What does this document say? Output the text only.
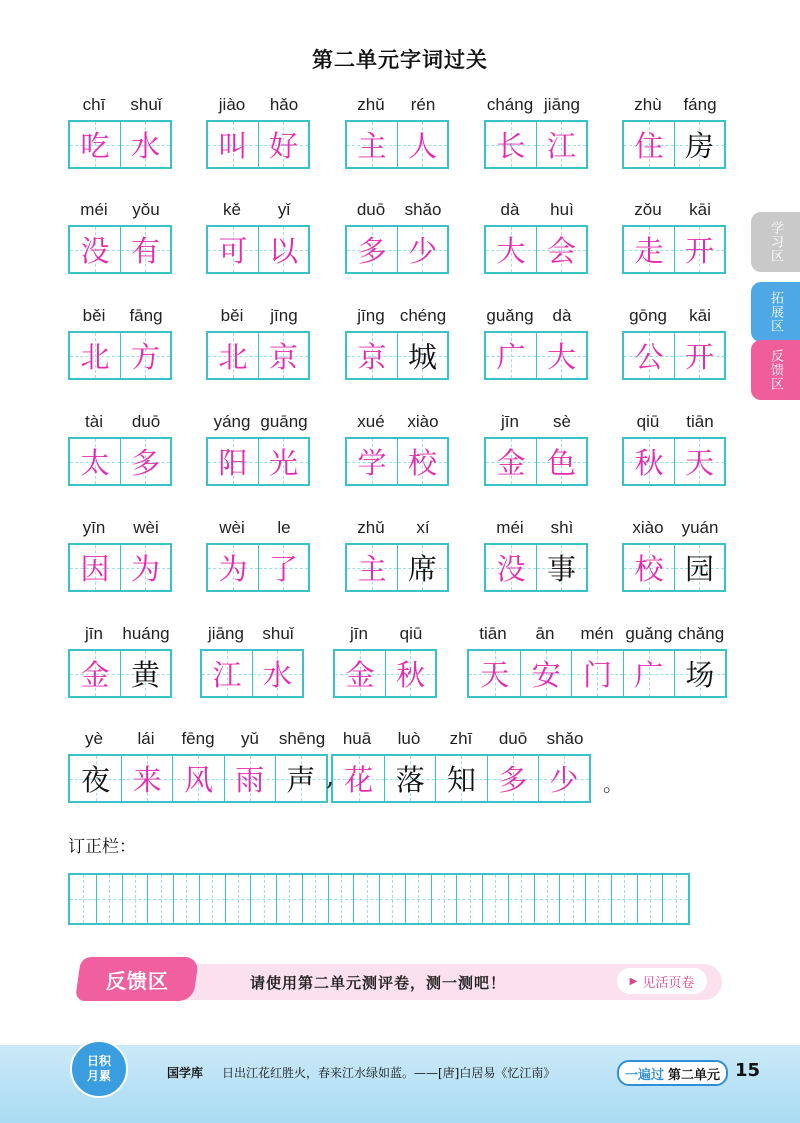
第二单元字词过关
chī	shuǐ
吃 水
jiào	hǎo
叫 好
zhǔ	rén
主 人
cháng jiāng
长 江
zhù	fáng
住 房
méi	yǒu
没 有
kě	yǐ
可 以
duō	shǎo
多 少
dà	huì
大 会
zǒu	kāi
走 开
běi	fāng
北 方
běi	jīng
北 京
jīng chéng
京 城
guǎng	dà
广 大
gōng	kāi
公 开
tài	duō
太 多
yáng guāng
阳 光
xué	xiào
学 校
jīn	sè
金 色
qiū	tiān
秋 天
yīn	wèi
因 为
wèi	le
为 了
zhǔ	xí
主 席
méi	shì
没 事
xiào	yuán
校 园
jīn	huáng
金 黄
jiāng	shuǐ
江 水
jīn	qiū
金 秋
tiān	ān	mén guǎng chǎng
天 安 门 广 场
yè	lái	fēng	yǔ	shēng
夜 来 风 雨 声
huā	luò	zhī	duō	shǎo
花 落 知 多 少
,	。
订正栏：
学习区
拓展区
反馈区
反馈区	请使用第二单元测评卷，测一测吧！	▶ 见活页卷
日积月累	国学库 日出江花红胜火，春来江水绿如蓝。——[唐]白居易《忆江南》	一遍过 第二单元 15
